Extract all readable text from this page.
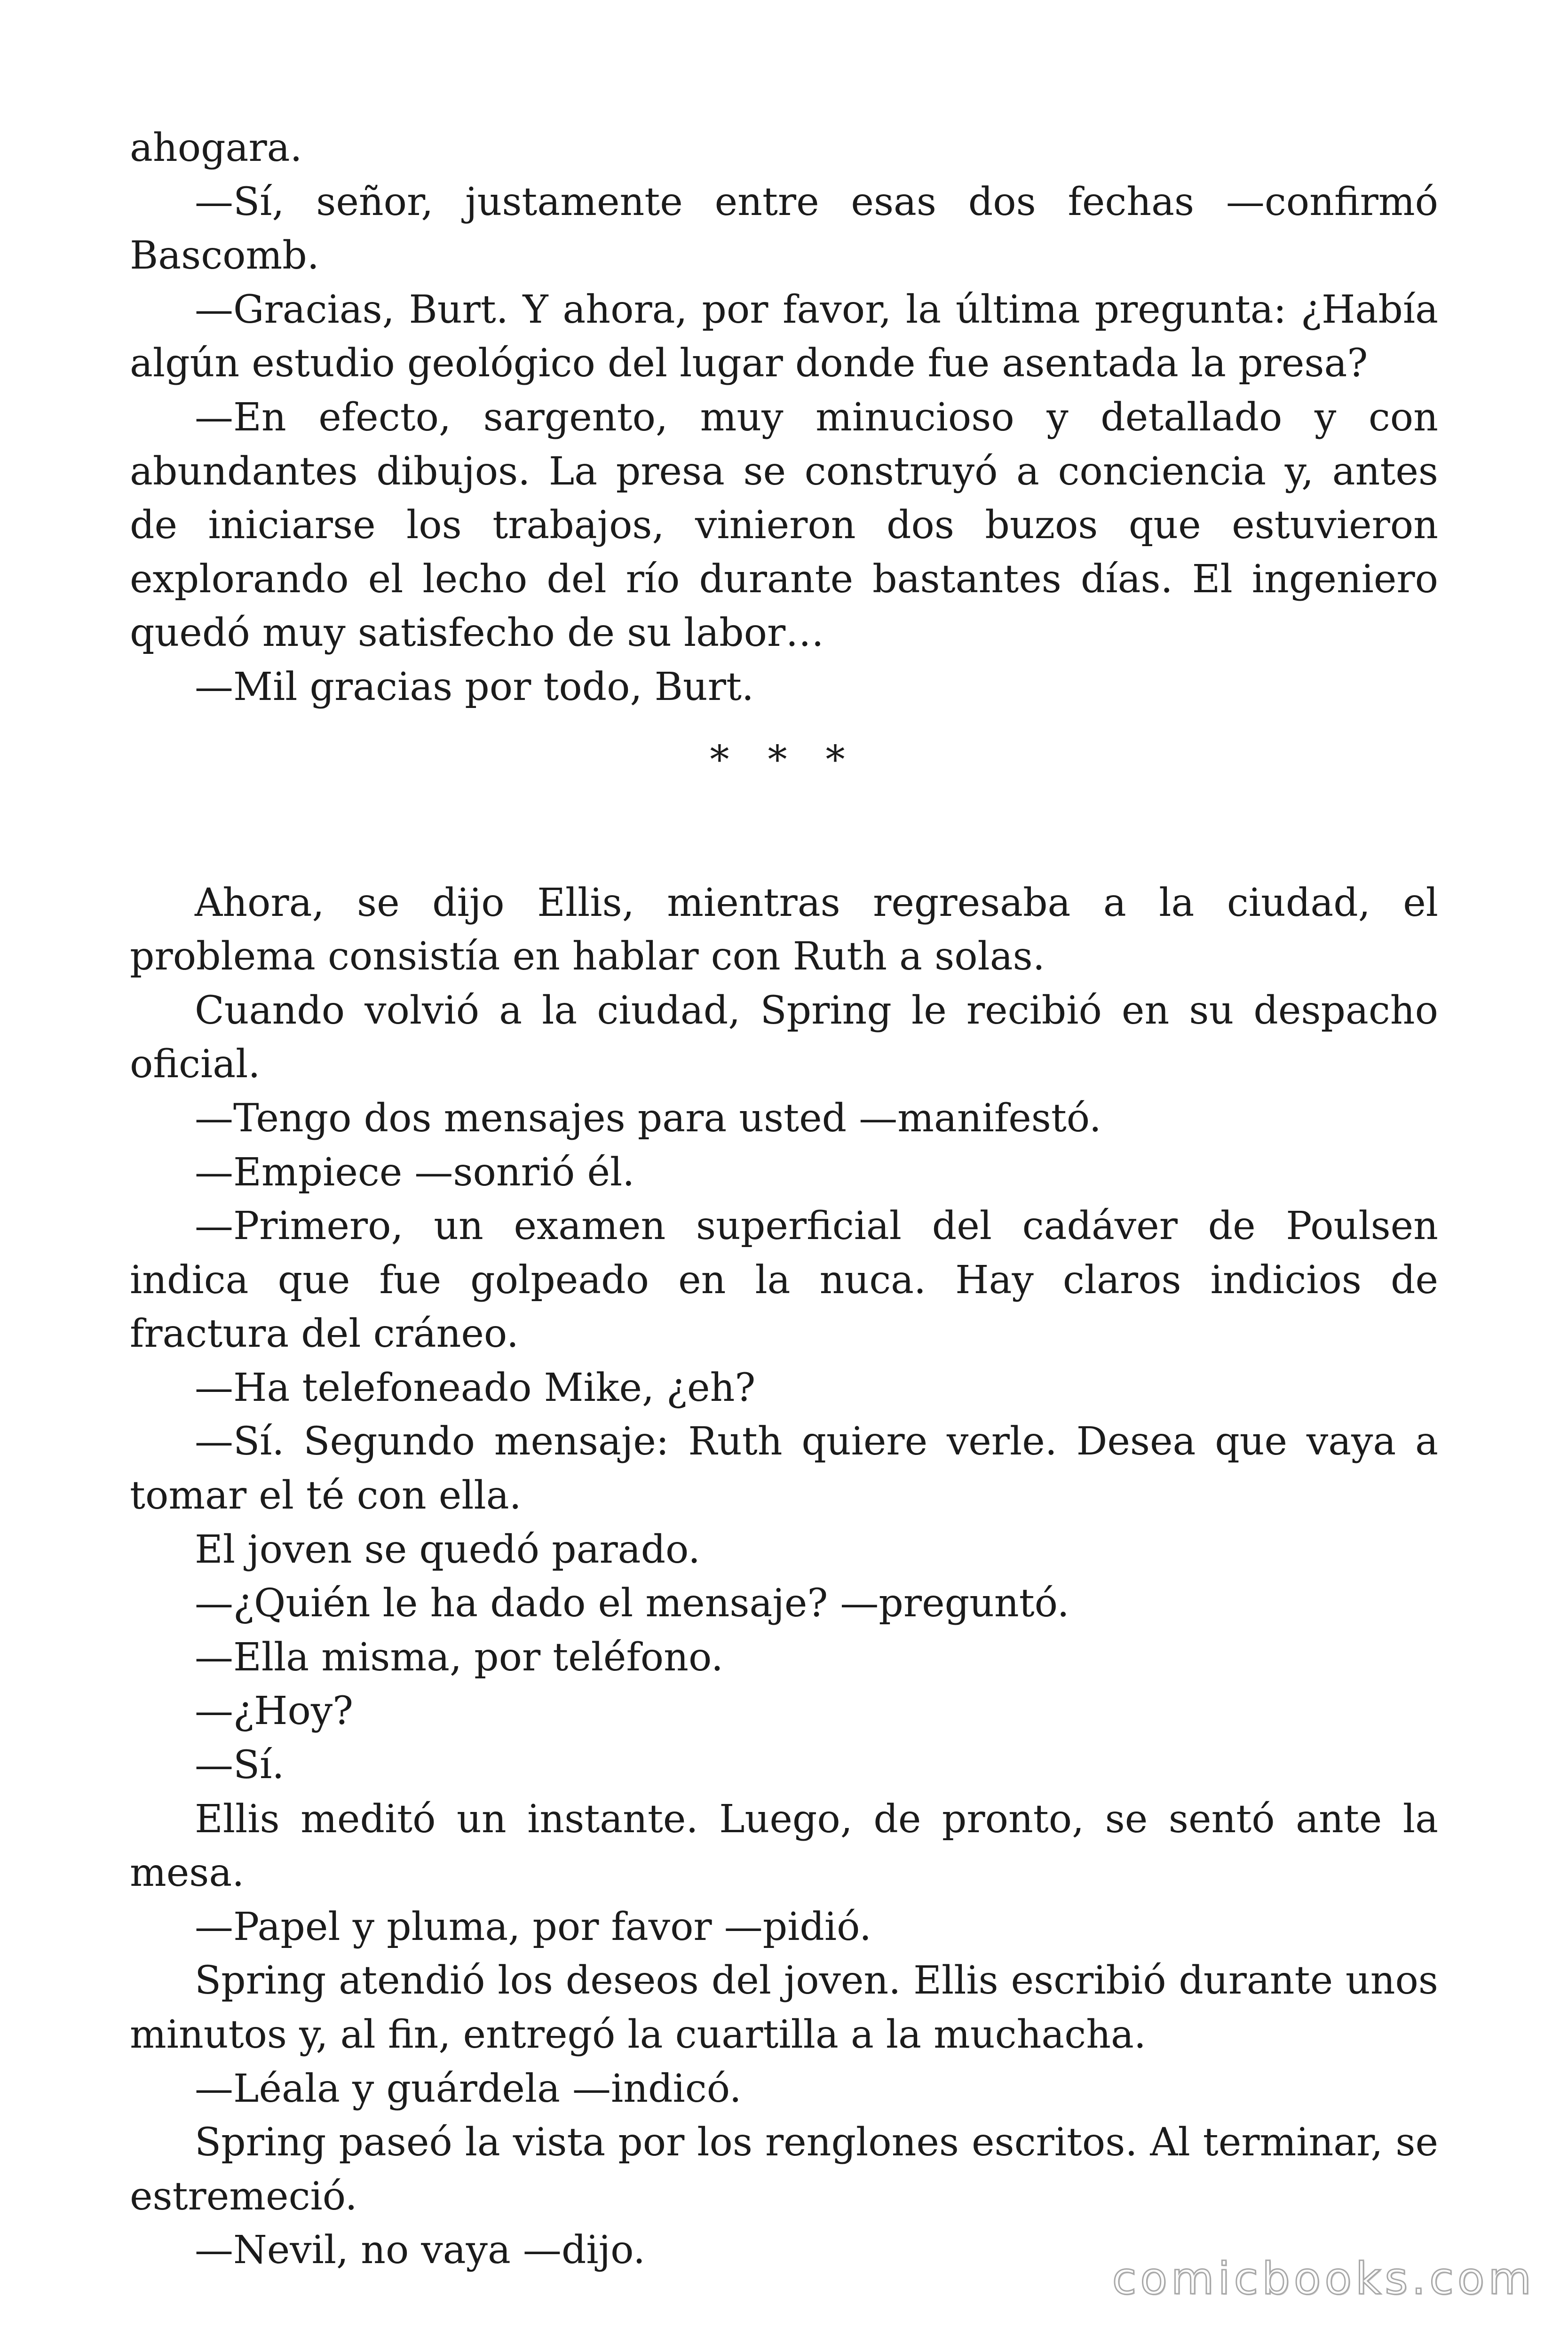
ahogara.

—Sí, señor, justamente entre esas dos fechas —confirmó Bascomb.

—Gracias, Burt. Y ahora, por favor, la última pregunta: ¿Había algún estudio geológico del lugar donde fue asentada la presa?

—En efecto, sargento, muy minucioso y detallado y con abundantes dibujos. La presa se construyó a conciencia y, antes de iniciarse los trabajos, vinieron dos buzos que estuvieron explorando el lecho del río durante bastantes días. El ingeniero quedó muy satisfecho de su labor…

—Mil gracias por todo, Burt.

* * *

Ahora, se dijo Ellis, mientras regresaba a la ciudad, el problema consistía en hablar con Ruth a solas.

Cuando volvió a la ciudad, Spring le recibió en su despacho oficial.

—Tengo dos mensajes para usted —manifestó.

—Empiece —sonrió él.

—Primero, un examen superficial del cadáver de Poulsen indica que fue golpeado en la nuca. Hay claros indicios de fractura del cráneo.

—Ha telefoneado Mike, ¿eh?

—Sí. Segundo mensaje: Ruth quiere verle. Desea que vaya a tomar el té con ella.

El joven se quedó parado.

—¿Quién le ha dado el mensaje? —preguntó.

—Ella misma, por teléfono.

—¿Hoy?

—Sí.

Ellis meditó un instante. Luego, de pronto, se sentó ante la mesa.

—Papel y pluma, por favor —pidió.

Spring atendió los deseos del joven. Ellis escribió durante unos minutos y, al fin, entregó la cuartilla a la muchacha.

—Léala y guárdela —indicó.

Spring paseó la vista por los renglones escritos. Al terminar, se estremeció.

—Nevil, no vaya —dijo.

comicbooks.com
